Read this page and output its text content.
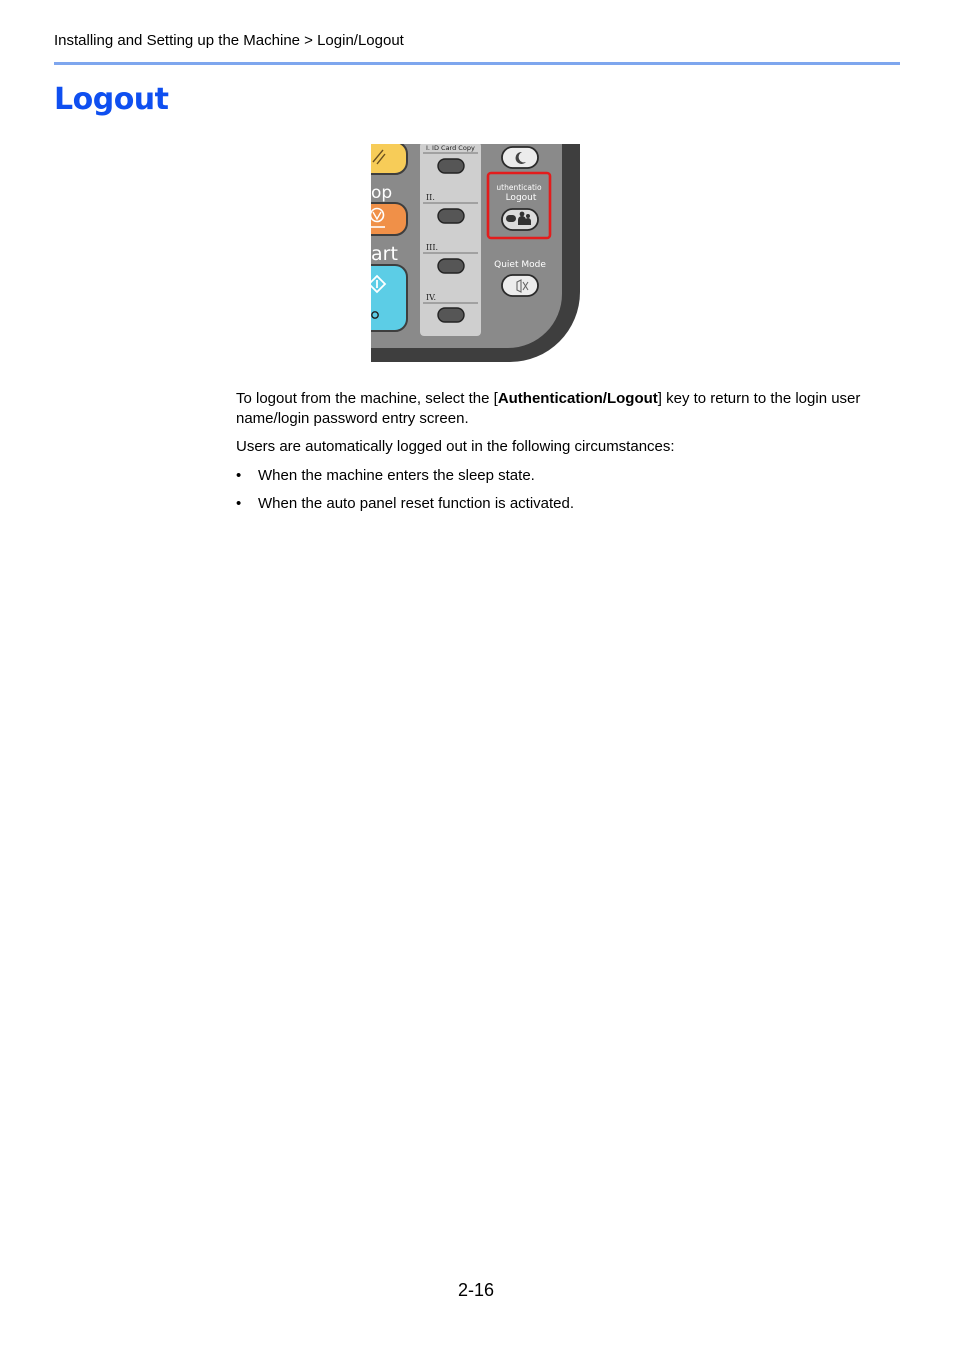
Installing and Setting up the Machine > Login/Logout
Logout
op
art
I. ID Card Copy
II.
III.
IV.
uthenticatio
Logout
Quiet Mode

To logout from the machine, select the [Authentication/Logout] key to return to the login user name/login password entry screen.

Users are automatically logged out in the following circumstances:

• When the machine enters the sleep state.
• When the auto panel reset function is activated.
2-16
